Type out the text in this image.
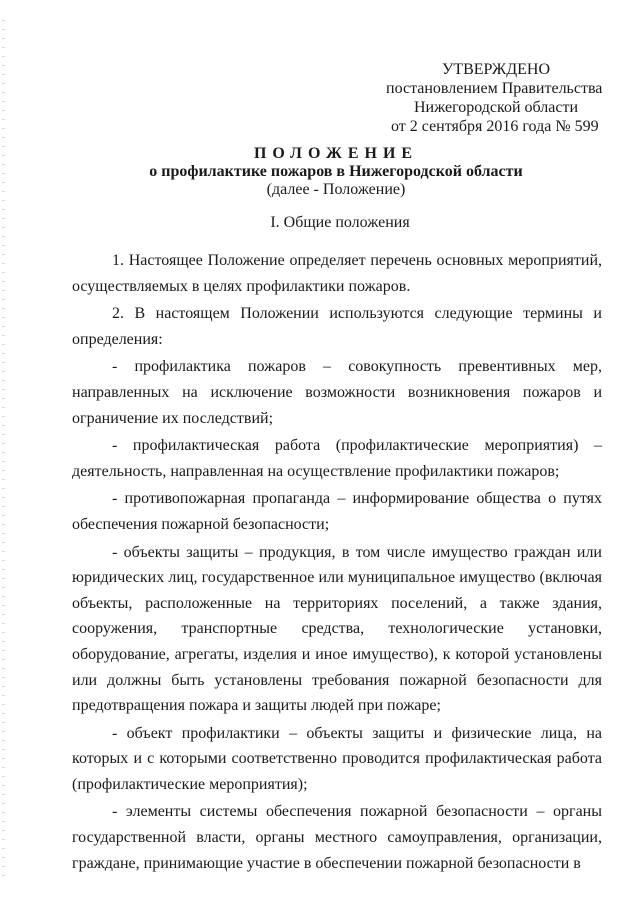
УТВЕРЖДЕНО
постановлением Правительства
Нижегородской области
от 2 сентября 2016 года № 599
ПОЛОЖЕНИЕ
о профилактике пожаров в Нижегородской области
(далее - Положение)
I. Общие положения

1. Настоящее Положение определяет перечень основных мероприятий, осуществляемых в целях профилактики пожаров.

2. В настоящем Положении используются следующие термины и определения:

- профилактика пожаров – совокупность превентивных мер, направленных на исключение возможности возникновения пожаров и ограничение их последствий;

- профилактическая работа (профилактические мероприятия) – деятельность, направленная на осуществление профилактики пожаров;

- противопожарная пропаганда – информирование общества о путях обеспечения пожарной безопасности;

- объекты защиты – продукция, в том числе имущество граждан или юридических лиц, государственное или муниципальное имущество (включая объекты, расположенные на территориях поселений, а также здания, сооружения, транспортные средства, технологические установки, оборудование, агрегаты, изделия и иное имущество), к которой установлены или должны быть установлены требования пожарной безопасности для предотвращения пожара и защиты людей при пожаре;

- объект профилактики – объекты защиты и физические лица, на которых и с которыми соответственно проводится профилактическая работа (профилактические мероприятия);

- элементы системы обеспечения пожарной безопасности – органы государственной власти, органы местного самоуправления, организации, граждане, принимающие участие в обеспечении пожарной безопасности в
